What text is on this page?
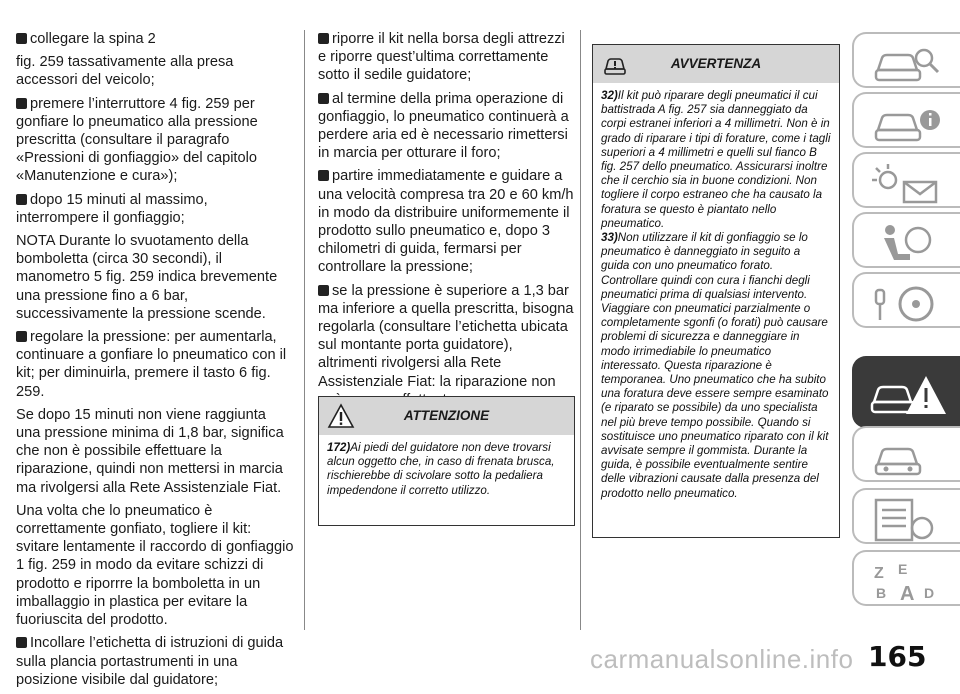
collegare la spina 2

fig. 259 tassativamente alla presa accessori del veicolo;

premere l’interruttore 4 fig. 259 per gonfiare lo pneumatico alla pressione prescritta (consultare il paragrafo «Pressioni di gonfiaggio» del capitolo «Manutenzione e cura»);

dopo 15 minuti al massimo, interrompere il gonfiaggio;

NOTA Durante lo svuotamento della bomboletta (circa 30 secondi), il manometro 5 fig. 259 indica brevemente una pressione fino a 6 bar, successivamente la pressione scende.

regolare la pressione: per aumentarla, continuare a gonfiare lo pneumatico con il kit; per diminuirla, premere il tasto 6 fig. 259.

Se dopo 15 minuti non viene raggiunta una pressione minima di 1,8 bar, significa che non è possibile effettuare la riparazione, quindi non mettersi in marcia ma rivolgersi alla Rete Assistenziale Fiat.

Una volta che lo pneumatico è correttamente gonfiato, togliere il kit: svitare lentamente il raccordo di gonfiaggio 1 fig. 259 in modo da evitare schizzi di prodotto e riporrre la bomboletta in un imballaggio in plastica per evitare la fuoriuscita del prodotto.

Incollare l’etichetta di istruzioni di guida sulla plancia portastrumenti in una posizione visibile dal guidatore;

riporre il kit nella borsa degli attrezzi e riporre quest’ultima correttamente sotto il sedile guidatore;

al termine della prima operazione di gonfiaggio, lo pneumatico continuerà a perdere aria ed è necessario rimettersi in marcia per otturare il foro;

partire immediatamente e guidare a una velocità compresa tra 20 e 60 km/h in modo da distribuire uniformemente il prodotto sullo pneumatico e, dopo 3 chilometri di guida, fermarsi per controllare la pressione;

se la pressione è superiore a 1,3 bar ma inferiore a quella prescritta, bisogna regolarla (consultare l’etichetta ubicata sul montante porta guidatore), altrimenti rivolgersi alla Rete Assistenziale Fiat: la riparazione non

ATTENZIONE
172)Ai piedi del guidatore non deve trovarsi alcun oggetto che, in caso di frenata brusca, rischierebbe di scivolare sotto la pedaliera impedendone il corretto utilizzo.
AVVERTENZA
32)Il kit può riparare degli pneumatici il cui battistrada A fig. 257 sia danneggiato da corpi estranei inferiori a 4 millimetri. Non è in grado di riparare i tipi di forature, come i tagli superiori a 4 millimetri e quelli sul fianco B fig. 257 dello pneumatico. Assicurarsi inoltre che il cerchio sia in buone condizioni. Non togliere il corpo estraneo che ha causato la foratura se questo è piantato nello pneumatico.
33)Non utilizzare il kit di gonfiaggio se lo pneumatico è danneggiato in seguito a guida con uno pneumatico forato. Controllare quindi con cura i fianchi degli pneumatici prima di qualsiasi intervento. Viaggiare con pneumatici parzialmente o completamente sgonfi (o forati) può causare problemi di sicurezza e danneggiare in modo irrimediabile lo pneumatico interessato. Questa riparazione è temporanea. Uno pneumatico che ha subito una foratura deve essere sempre esaminato (e riparato se possibile) da uno specialista nel più breve tempo possibile. Quando si sostituisce uno pneumatico riparato con il kit avvisate sempre il gommista. Durante la guida, è possibile eventualmente sentire delle vibrazioni causate dalla presenza del prodotto nello pneumatico.
Z E
B A D
carmanualsonline.info 165
